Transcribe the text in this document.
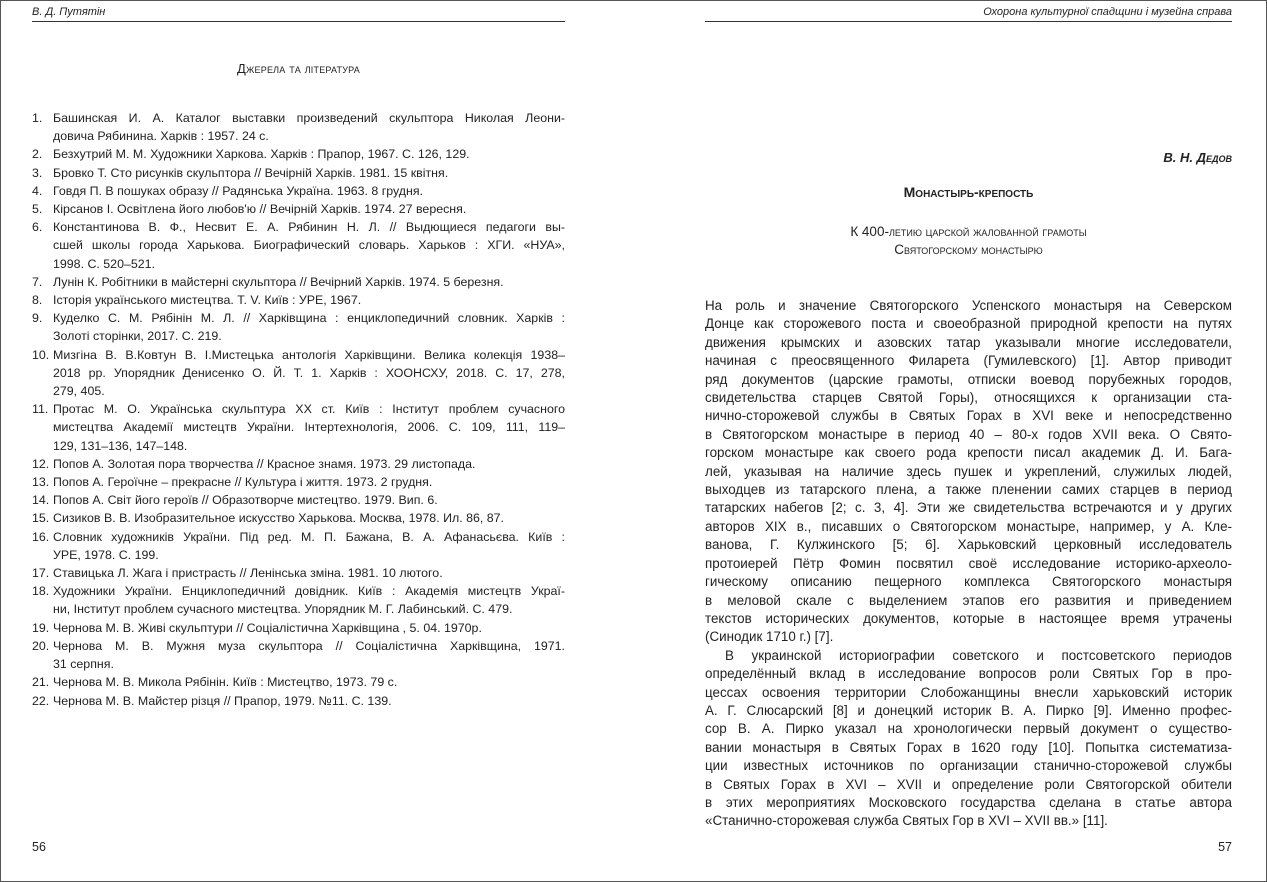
В. Д. Путятін
Джерела та література
1. Башинская И. А. Каталог выставки произведений скульптора Николая Леони-
довича Рябинина. Харків : 1957. 24 с.
2. Безхутрий М. М. Художники Харкова. Харків : Прапор, 1967. С. 126, 129.
3. Бровко Т. Сто рисунків скульптора // Вечірній Харків. 1981. 15 квітня.
4. Говдя П. В пошуках образу // Радянська Україна. 1963. 8 грудня.
5. Кірсанов І. Освітлена його любов'ю // Вечірній Харків. 1974. 27 вересня.
6. Константинова В. Ф., Несвит Е. А. Рябинин Н. Л. // Выдющиеся педагоги вы-
сшей школы города Харькова. Биографический словарь. Харьков : ХГИ. «НУА»,
1998. С. 520–521.
7. Лунін К. Робітники в майстерні скульптора // Вечірний Харків. 1974. 5 березня.
8. Історія українського мистецтва. Т. V. Київ : УРЕ, 1967.
9. Куделко С. М. Рябінін М. Л. // Харківщина : енциклопедичний словник. Харків :
Золоті сторінки, 2017. С. 219.
10. Мизгіна В. В.Ковтун В. І.Мистецька антологія Харківщини. Велика колекція 1938–
2018 рр. Упорядник Денисенко О. Й. Т. 1. Харків : ХООНСХУ, 2018. С. 17, 278,
279, 405.
11. Протас М. О. Українська скульптура XX ст. Київ : Інститут проблем сучасного
мистецтва Академії мистецтв України. Інтертехнологія, 2006. С. 109, 111, 119–
129, 131–136, 147–148.
12. Попов А. Золотая пора творчества // Красное знамя. 1973. 29 листопада.
13. Попов А. Героїчне – прекрасне // Культура і життя. 1973. 2 грудня.
14. Попов А. Світ його героїв // Образотворче мистецтво. 1979. Вип. 6.
15. Сизиков В. В. Изобразительное искусство Харькова. Москва, 1978. Ил. 86, 87.
16. Словник художників України. Під ред. М. П. Бажана, В. А. Афанасьєва. Київ :
УРЕ, 1978. С. 199.
17. Ставицька Л. Жага і пристрасть // Ленінська зміна. 1981. 10 лютого.
18. Художники України. Енциклопедичний довідник. Київ : Академія мистецтв Украї-
ни, Інститут проблем сучасного мистецтва. Упорядник М. Г. Лабинський. С. 479.
19. Чернова М. В. Живі скульптури // Соціалістична Харківщина , 5. 04. 1970р.
20. Чернова М. В. Мужня муза скульптора // Соціалістична Харківщина, 1971.
31 серпня.
21. Чернова М. В. Микола Рябінін. Київ : Мистецтво, 1973. 79 с.
22. Чернова М. В. Майстер різця // Прапор, 1979. №11. С. 139.
56
Охорона культурної спадщини і музейна справа
В. Н. Дедов
Монастырь-крепость
К 400-летию царской жалованной грамоты
Святогорскому монастырю
На роль и значение Святогорского Успенского монастыря на Северском
Донце как сторожевого поста и своеобразной природной крепости на путях
движения крымских и азовских татар указывали многие исследователи,
начиная с преосвященного Филарета (Гумилевского) [1]. Автор приводит
ряд документов (царские грамоты, отписки воевод порубежных городов,
свидетельства старцев Святой Горы), относящихся к организации ста-
нично-сторожевой службы в Святых Горах в XVI веке и непосредственно
в Святогорском монастыре в период 40 – 80-х годов XVII века. О Свято-
горском монастыре как своего рода крепости писал академик Д. И. Бага-
лей, указывая на наличие здесь пушек и укреплений, служилых людей,
выходцев из татарского плена, а также пленении самих старцев в период
татарских набегов [2; с. 3, 4]. Эти же свидетельства встречаются и у других
авторов XIX в., писавших о Святогорском монастыре, например, у А. Кле-
ванова, Г. Кулжинского [5; 6]. Харьковский церковный исследователь
протоиерей Пётр Фомин посвятил своё исследование историко-археоло-
гическому описанию пещерного комплекса Святогорского монастыря
в меловой скале с выделением этапов его развития и приведением
текстов исторических документов, которые в настоящее время утрачены
(Синодик 1710 г.) [7].
В украинской историографии советского и постсоветского периодов
определённый вклад в исследование вопросов роли Святых Гор в про-
цессах освоения территории Слобожанщины внесли харьковский историк
А. Г. Слюсарский [8] и донецкий историк В. А. Пирко [9]. Именно профес-
сор В. А. Пирко указал на хронологически первый документ о существо-
вании монастыря в Святых Горах в 1620 году [10]. Попытка систематиза-
ции известных источников по организации станично-сторожевой службы
в Святых Горах в XVI – XVII и определение роли Святогорской обители
в этих мероприятиях Московского государства сделана в статье автора
«Станично-сторожевая служба Святых Гор в XVI – XVII вв.» [11].
57
